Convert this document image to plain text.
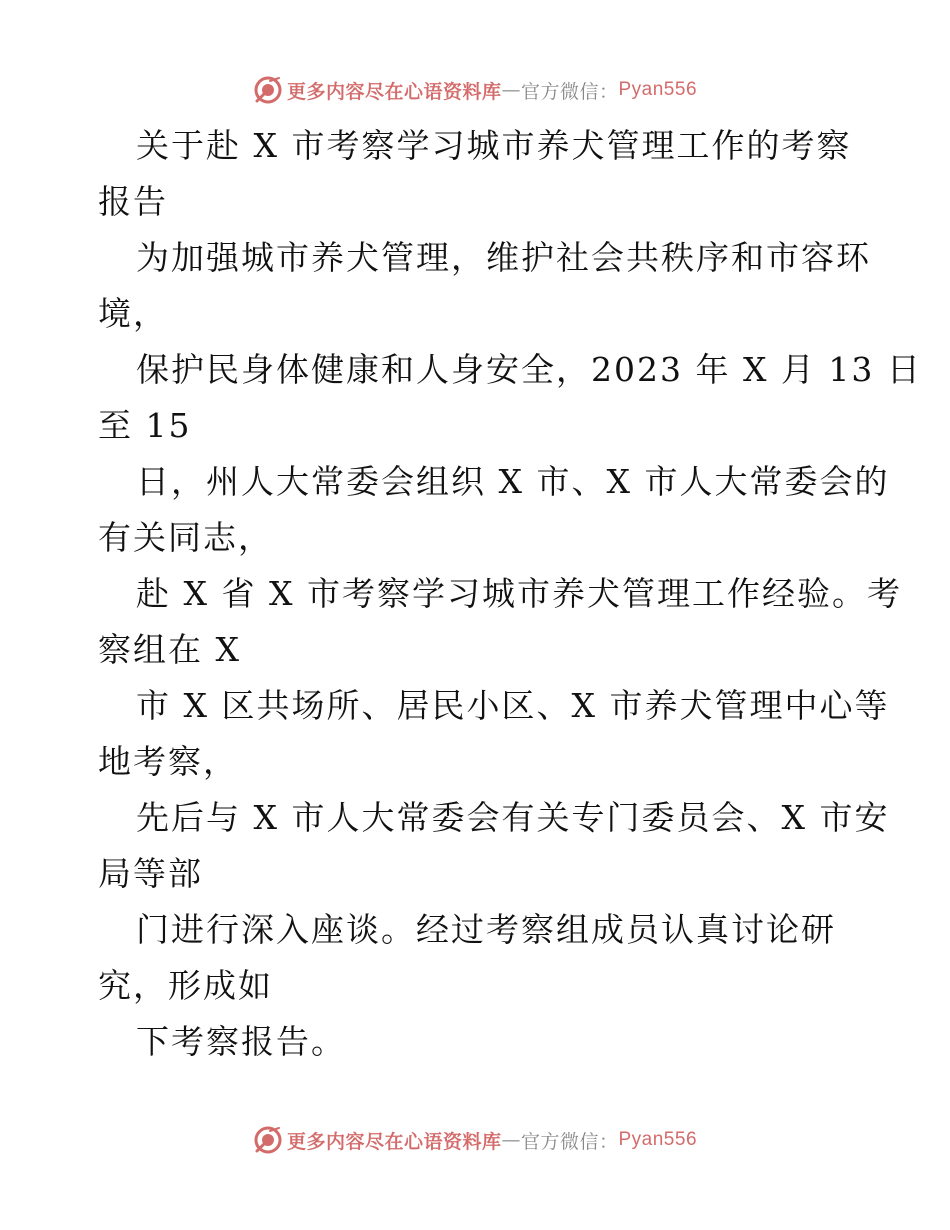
更多内容尽在心语资料库 — 官方微信： Pyan556
关于赴 X 市考察学习城市养犬管理工作的考察
报告
为加强城市养犬管理，维护社会共秩序和市容环
境，
保护民身体健康和人身安全，2023 年 X 月 13 日
至 15
日，州人大常委会组织 X 市、X 市人大常委会的
有关同志，
赴 X 省 X 市考察学习城市养犬管理工作经验。考
察组在 X
市 X 区共场所、居民小区、X 市养犬管理中心等
地考察，
先后与 X 市人大常委会有关专门委员会、X 市安
局等部
门进行深入座谈。经过考察组成员认真讨论研
究，形成如
下考察报告。
更多内容尽在心语资料库 — 官方微信： Pyan556
